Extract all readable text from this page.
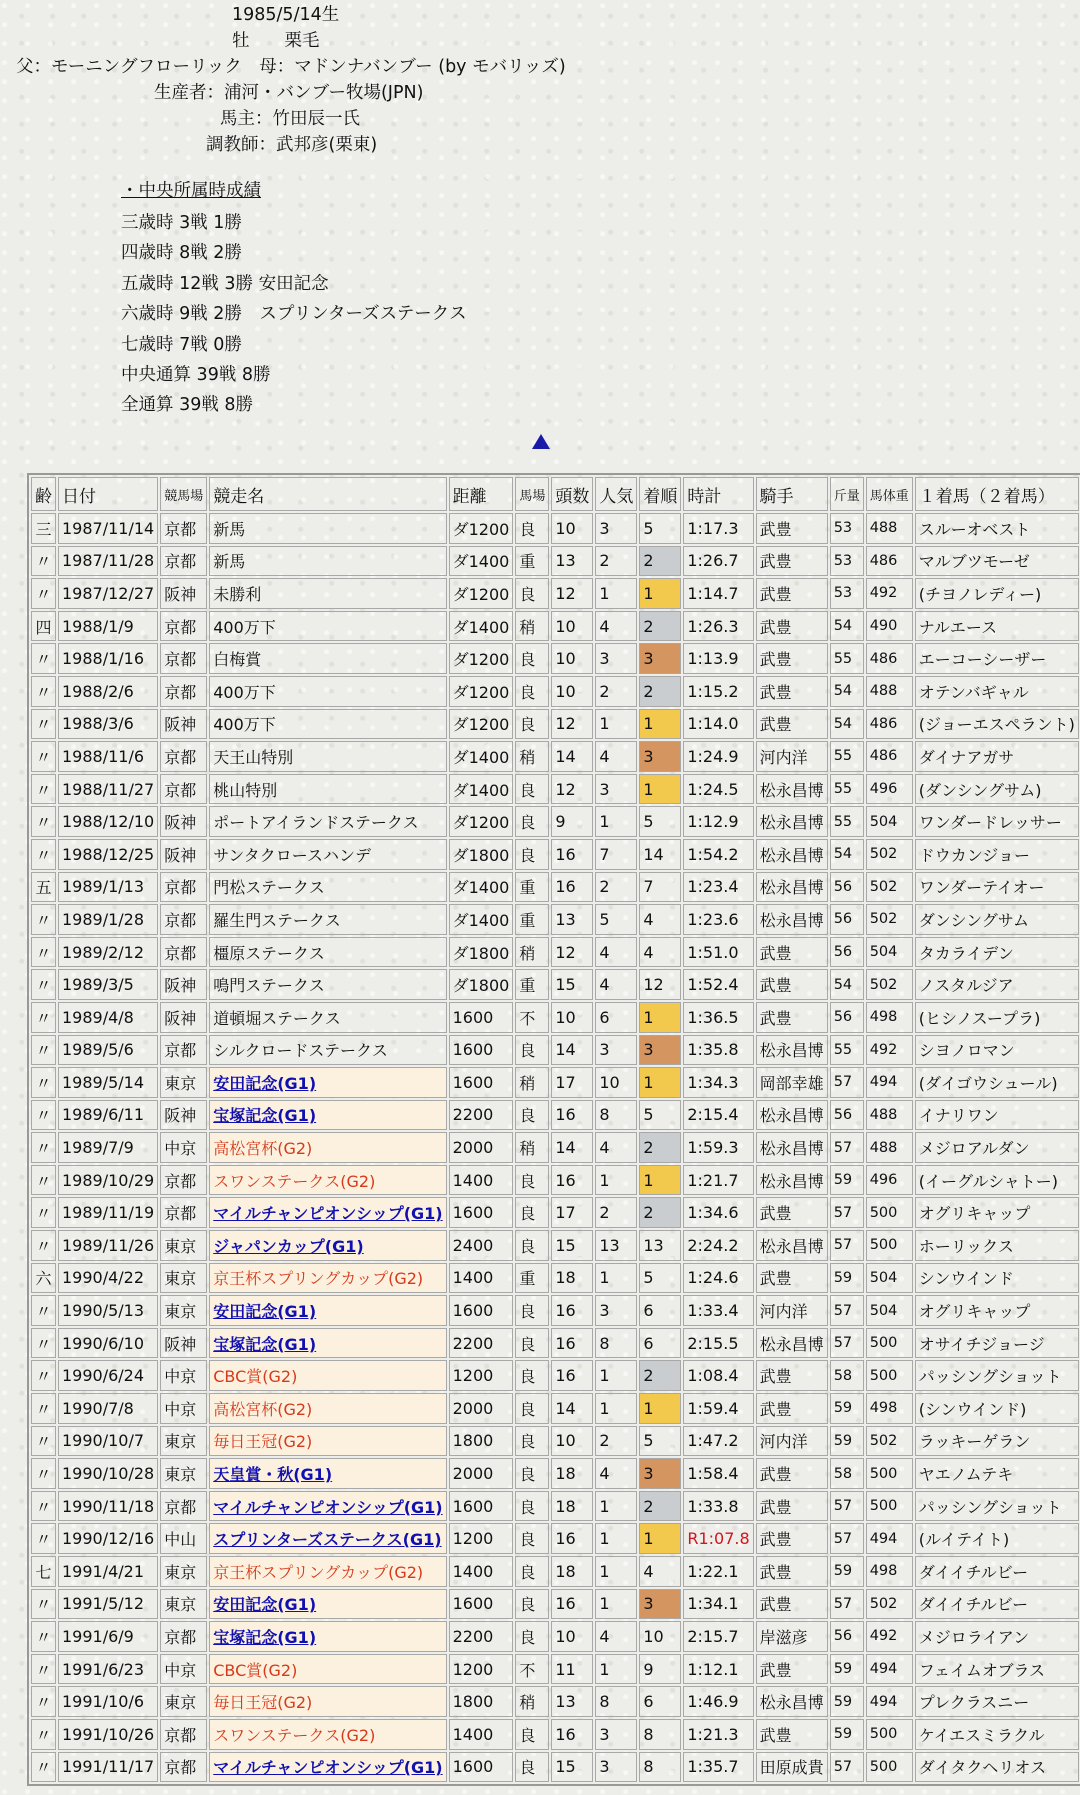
1985/5/14生
牡　　栗毛
父：モーニングフローリック　母：マドンナバンブー (by モバリッズ)
生産者：浦河・バンブー牧場(JPN)
馬主：竹田辰一氏
調教師：武邦彦(栗東)
・中央所属時成績
三歳時 3戦 1勝
四歳時 8戦 2勝
五歳時 12戦 3勝 安田記念
六歳時 9戦 2勝　スプリンターズステークス
七歳時 7戦 0勝
中央通算 39戦 8勝
全通算 39戦 8勝
齢	日付	競馬場	競走名	距離	馬場	頭数	人気	着順	時計	騎手	斤量	馬体重	１着馬（２着馬）
三	1987/11/14	京都	新馬	ダ1200	良	10	3	5	1:17.3	武豊	53	488	スルーオベスト
〃	1987/11/28	京都	新馬	ダ1400	重	13	2	2	1:26.7	武豊	53	486	マルブツモーゼ
〃	1987/12/27	阪神	未勝利	ダ1200	良	12	1	1	1:14.7	武豊	53	492	(チヨノレディー)
四	1988/1/9	京都	400万下	ダ1400	稍	10	4	2	1:26.3	武豊	54	490	ナルエース
〃	1988/1/16	京都	白梅賞	ダ1200	良	10	3	3	1:13.9	武豊	55	486	エーコーシーザー
〃	1988/2/6	京都	400万下	ダ1200	良	10	2	2	1:15.2	武豊	54	488	オテンバギャル
〃	1988/3/6	阪神	400万下	ダ1200	良	12	1	1	1:14.0	武豊	54	486	(ジョーエスペラント)
〃	1988/11/6	京都	天王山特別	ダ1400	稍	14	4	3	1:24.9	河内洋	55	486	ダイナアガサ
〃	1988/11/27	京都	桃山特別	ダ1400	良	12	3	1	1:24.5	松永昌博	55	496	(ダンシングサム)
〃	1988/12/10	阪神	ポートアイランドステークス	ダ1200	良	9	1	5	1:12.9	松永昌博	55	504	ワンダードレッサー
〃	1988/12/25	阪神	サンタクロースハンデ	ダ1800	良	16	7	14	1:54.2	松永昌博	54	502	ドウカンジョー
五	1989/1/13	京都	門松ステークス	ダ1400	重	16	2	7	1:23.4	松永昌博	56	502	ワンダーテイオー
〃	1989/1/28	京都	羅生門ステークス	ダ1400	重	13	5	4	1:23.6	松永昌博	56	502	ダンシングサム
〃	1989/2/12	京都	橿原ステークス	ダ1800	稍	12	4	4	1:51.0	武豊	56	504	タカライデン
〃	1989/3/5	阪神	鳴門ステークス	ダ1800	重	15	4	12	1:52.4	武豊	54	502	ノスタルジア
〃	1989/4/8	阪神	道頓堀ステークス	1600	不	10	6	1	1:36.5	武豊	56	498	(ヒシノスープラ)
〃	1989/5/6	京都	シルクロードステークス	1600	良	14	3	3	1:35.8	松永昌博	55	492	シヨノロマン
〃	1989/5/14	東京	安田記念(G1)	1600	稍	17	10	1	1:34.3	岡部幸雄	57	494	(ダイゴウシュール)
〃	1989/6/11	阪神	宝塚記念(G1)	2200	良	16	8	5	2:15.4	松永昌博	56	488	イナリワン
〃	1989/7/9	中京	高松宮杯(G2)	2000	稍	14	4	2	1:59.3	松永昌博	57	488	メジロアルダン
〃	1989/10/29	京都	スワンステークス(G2)	1400	良	16	1	1	1:21.7	松永昌博	59	496	(イーグルシャトー)
〃	1989/11/19	京都	マイルチャンピオンシップ(G1)	1600	良	17	2	2	1:34.6	武豊	57	500	オグリキャップ
〃	1989/11/26	東京	ジャパンカップ(G1)	2400	良	15	13	13	2:24.2	松永昌博	57	500	ホーリックス
六	1990/4/22	東京	京王杯スプリングカップ(G2)	1400	重	18	1	5	1:24.6	武豊	59	504	シンウインド
〃	1990/5/13	東京	安田記念(G1)	1600	良	16	3	6	1:33.4	河内洋	57	504	オグリキャップ
〃	1990/6/10	阪神	宝塚記念(G1)	2200	良	16	8	6	2:15.5	松永昌博	57	500	オサイチジョージ
〃	1990/6/24	中京	CBC賞(G2)	1200	良	16	1	2	1:08.4	武豊	58	500	パッシングショット
〃	1990/7/8	中京	高松宮杯(G2)	2000	良	14	1	1	1:59.4	武豊	59	498	(シンウインド)
〃	1990/10/7	東京	毎日王冠(G2)	1800	良	10	2	5	1:47.2	河内洋	59	502	ラッキーゲラン
〃	1990/10/28	東京	天皇賞・秋(G1)	2000	良	18	4	3	1:58.4	武豊	58	500	ヤエノムテキ
〃	1990/11/18	京都	マイルチャンピオンシップ(G1)	1600	良	18	1	2	1:33.8	武豊	57	500	パッシングショット
〃	1990/12/16	中山	スプリンターズステークス(G1)	1200	良	16	1	1	R1:07.8	武豊	57	494	(ルイテイト)
七	1991/4/21	東京	京王杯スプリングカップ(G2)	1400	良	18	1	4	1:22.1	武豊	59	498	ダイイチルビー
〃	1991/5/12	東京	安田記念(G1)	1600	良	16	1	3	1:34.1	武豊	57	502	ダイイチルビー
〃	1991/6/9	京都	宝塚記念(G1)	2200	良	10	4	10	2:15.7	岸滋彦	56	492	メジロライアン
〃	1991/6/23	中京	CBC賞(G2)	1200	不	11	1	9	1:12.1	武豊	59	494	フェイムオブラス
〃	1991/10/6	東京	毎日王冠(G2)	1800	稍	13	8	6	1:46.9	松永昌博	59	494	プレクラスニー
〃	1991/10/26	京都	スワンステークス(G2)	1400	良	16	3	8	1:21.3	武豊	59	500	ケイエスミラクル
〃	1991/11/17	京都	マイルチャンピオンシップ(G1)	1600	良	15	3	8	1:35.7	田原成貴	57	500	ダイタクヘリオス
